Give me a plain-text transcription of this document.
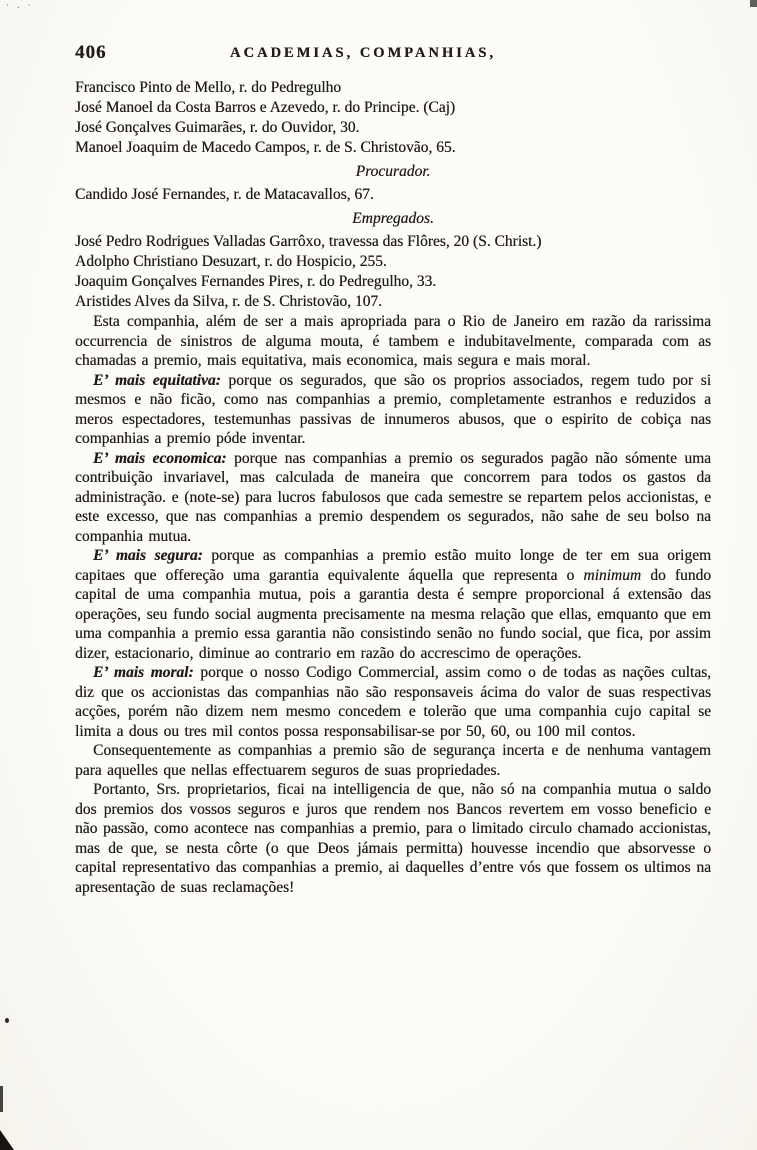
406	ACADEMIAS, COMPANHIAS,

Francisco Pinto de Mello, r. do Pedregulho

José Manoel da Costa Barros e Azevedo, r. do Principe. (Caj)

José Gonçalves Guimarães, r. do Ouvidor, 30.

Manoel Joaquim de Macedo Campos, r. de S. Christovão, 65.

Procurador.

Candido José Fernandes, r. de Matacavallos, 67.

Empregados.

José Pedro Rodrigues Valladas Garrôxo, travessa das Flôres, 20 (S. Christ.)

Adolpho Christiano Desuzart, r. do Hospicio, 255.

Joaquim Gonçalves Fernandes Pires, r. do Pedregulho, 33.

Aristides Alves da Silva, r. de S. Christovão, 107.

Esta companhia, além de ser a mais apropriada para o Rio de Janeiro em razão da rarissima occurrencia de sinistros de alguma mouta, é tambem e indubitavelmente, comparada com as chamadas a premio, mais equitativa, mais economica, mais segura e mais moral.

E’ mais equitativa: porque os segurados, que são os proprios associados, regem tudo por si mesmos e não ficão, como nas companhias a premio, completamente estranhos e reduzidos a meros espectadores, testemunhas passivas de innumeros abusos, que o espirito de cobiça nas companhias a premio póde inventar.

E’ mais economica: porque nas companhias a premio os segurados pagão não sómente uma contribuição invariavel, mas calculada de maneira que concorrem para todos os gastos da administração. e (note-se) para lucros fabulosos que cada semestre se repartem pelos accionistas, e este excesso, que nas companhias a premio despendem os segurados, não sahe de seu bolso na companhia mutua.

E’ mais segura: porque as companhias a premio estão muito longe de ter em sua origem capitaes que offereção uma garantia equivalente áquella que representa o minimum do fundo capital de uma companhia mutua, pois a garantia desta é sempre proporcional á extensão das operações, seu fundo social augmenta precisamente na mesma relação que ellas, emquanto que em uma companhia a premio essa garantia não consistindo senão no fundo social, que fica, por assim dizer, estacionario, diminue ao contrario em razão do accrescimo de operações.

E’ mais moral: porque o nosso Codigo Commercial, assim como o de todas as nações cultas, diz que os accionistas das companhias não são responsaveis ácima do valor de suas respectivas acções, porém não dizem nem mesmo concedem e tolerão que uma companhia cujo capital se limita a dous ou tres mil contos possa responsabilisar-se por 50, 60, ou 100 mil contos.

Consequentemente as companhias a premio são de segurança incerta e de nenhuma vantagem para aquelles que nellas effectuarem seguros de suas propriedades.

Portanto, Srs. proprietarios, ficai na intelligencia de que, não só na companhia mutua o saldo dos premios dos vossos seguros e juros que rendem nos Bancos revertem em vosso beneficio e não passão, como acontece nas companhias a premio, para o limitado circulo chamado accionistas, mas de que, se nesta côrte (o que Deos jámais permitta) houvesse incendio que absorvesse o capital representativo das companhias a premio, ai daquelles d’entre vós que fossem os ultimos na apresentação de suas reclamações!

· . ·
